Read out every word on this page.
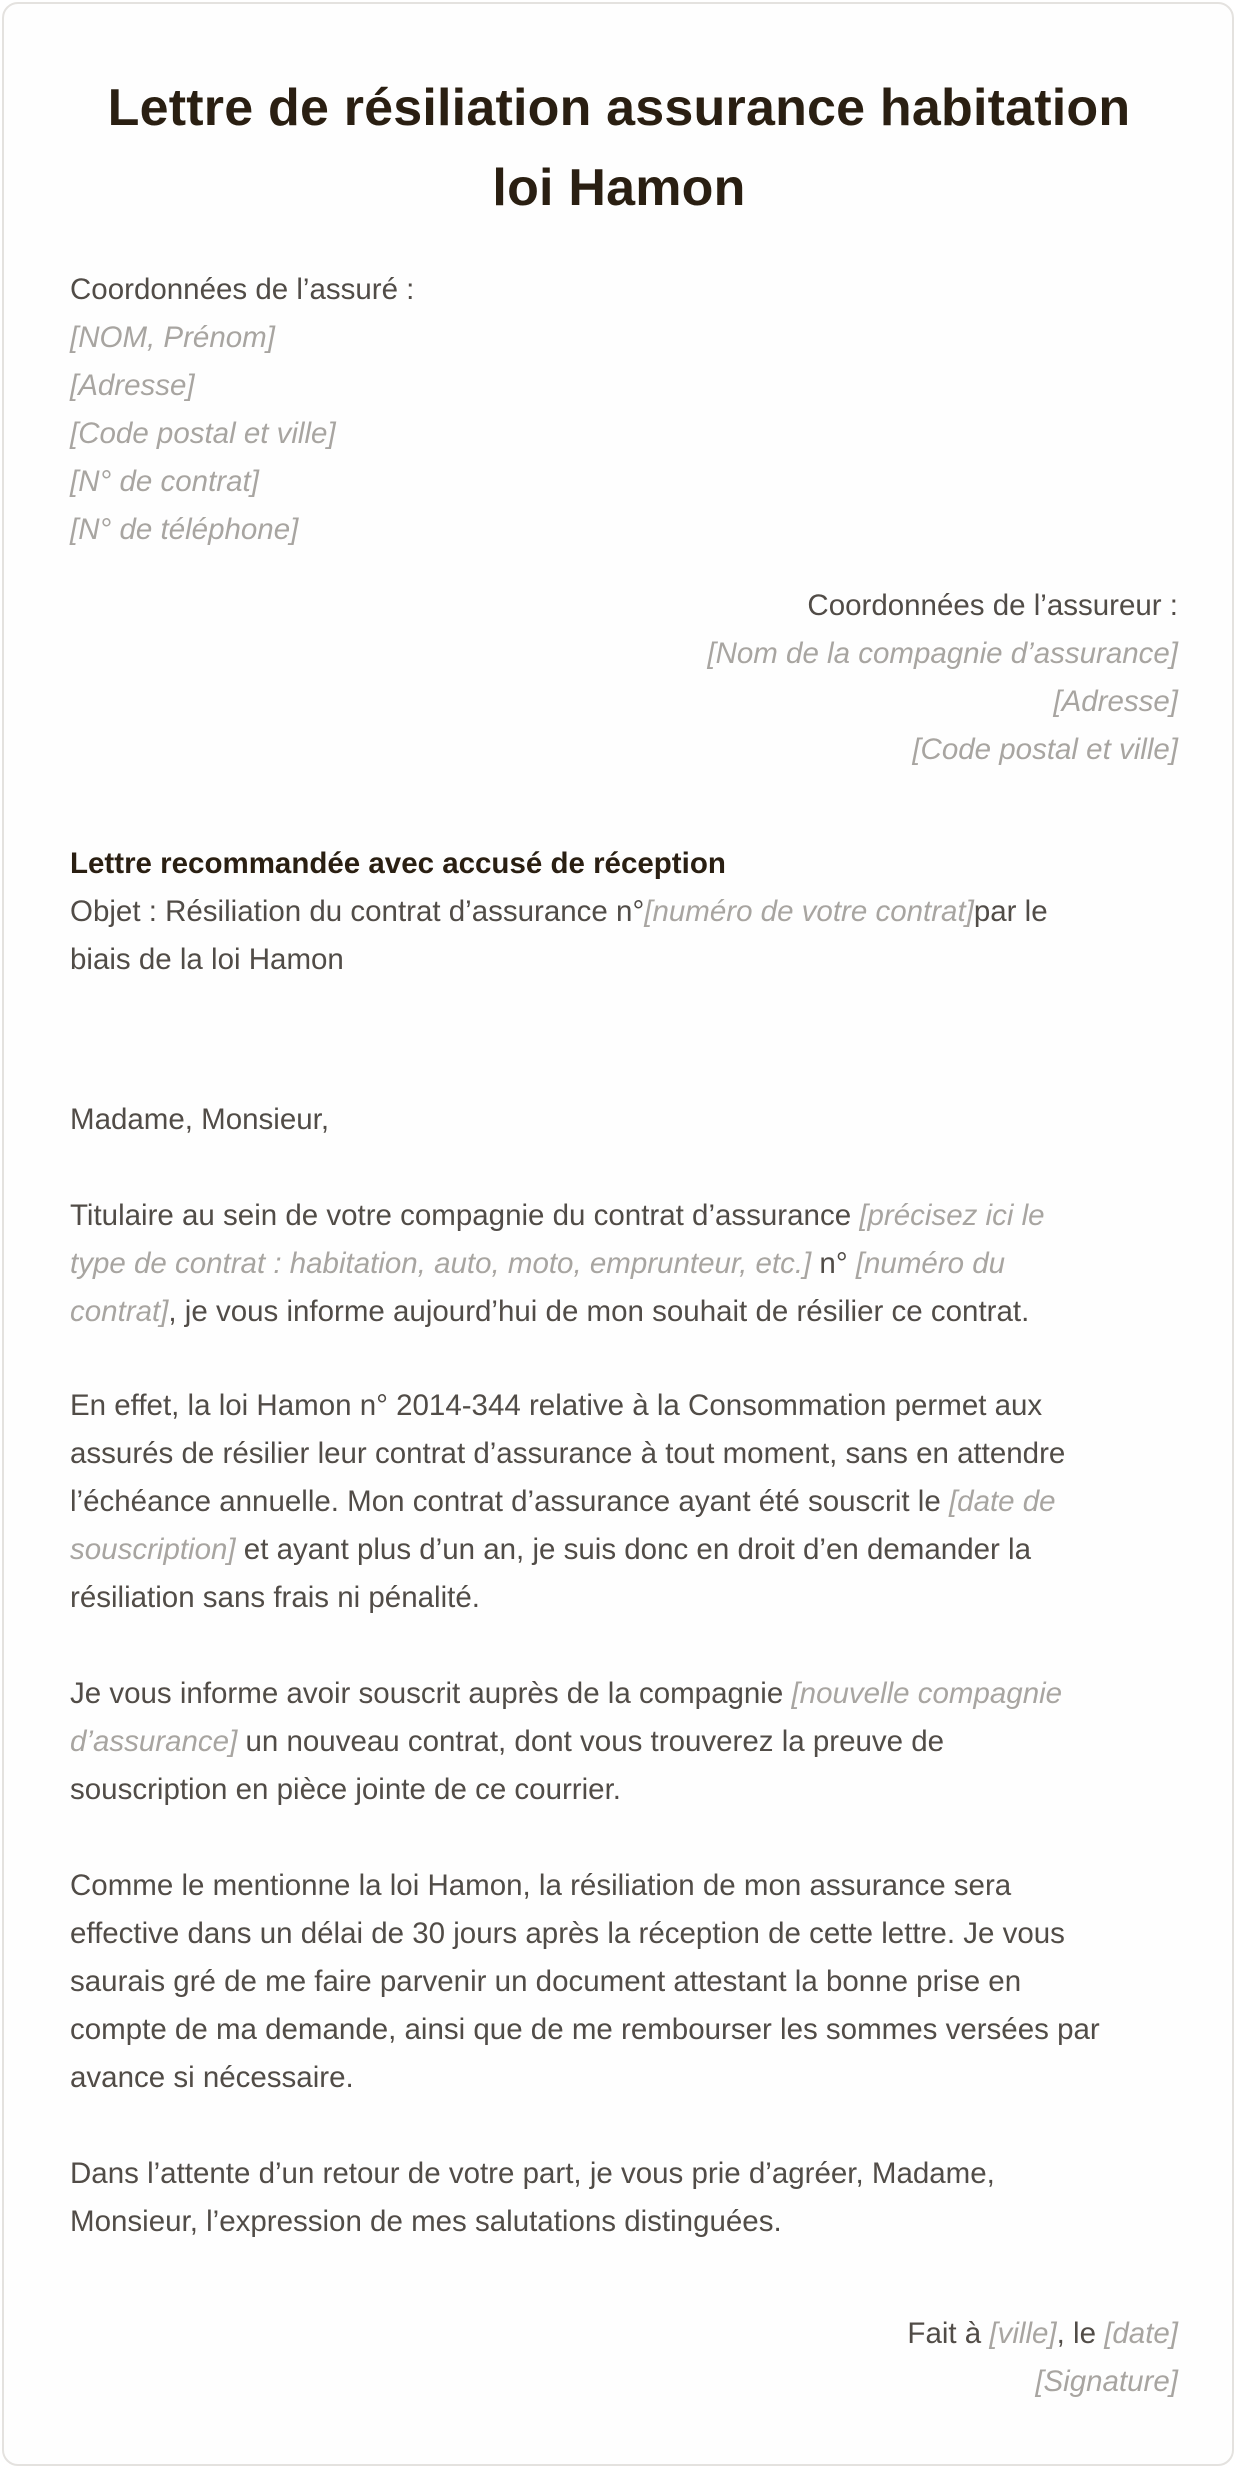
Lettre de résiliation assurance habitation
loi Hamon
Coordonnées de l’assuré :
[NOM, Prénom]
[Adresse]
[Code postal et ville]
[N° de contrat]
[N° de téléphone]
Coordonnées de l’assureur :
[Nom de la compagnie d’assurance]
[Adresse]
[Code postal et ville]
Lettre recommandée avec accusé de réception
Objet : Résiliation du contrat d’assurance n°[numéro de votre contrat]par le
biais de la loi Hamon
Madame, Monsieur,
Titulaire au sein de votre compagnie du contrat d’assurance [précisez ici le
type de contrat : habitation, auto, moto, emprunteur, etc.] n° [numéro du
contrat], je vous informe aujourd’hui de mon souhait de résilier ce contrat.
En effet, la loi Hamon n° 2014-344 relative à la Consommation permet aux
assurés de résilier leur contrat d’assurance à tout moment, sans en attendre
l’échéance annuelle. Mon contrat d’assurance ayant été souscrit le [date de
souscription] et ayant plus d’un an, je suis donc en droit d’en demander la
résiliation sans frais ni pénalité.
Je vous informe avoir souscrit auprès de la compagnie [nouvelle compagnie
d’assurance] un nouveau contrat, dont vous trouverez la preuve de
souscription en pièce jointe de ce courrier.
Comme le mentionne la loi Hamon, la résiliation de mon assurance sera
effective dans un délai de 30 jours après la réception de cette lettre. Je vous
saurais gré de me faire parvenir un document attestant la bonne prise en
compte de ma demande, ainsi que de me rembourser les sommes versées par
avance si nécessaire.
Dans l’attente d’un retour de votre part, je vous prie d’agréer, Madame,
Monsieur, l’expression de mes salutations distinguées.
Fait à [ville], le [date]
[Signature]
